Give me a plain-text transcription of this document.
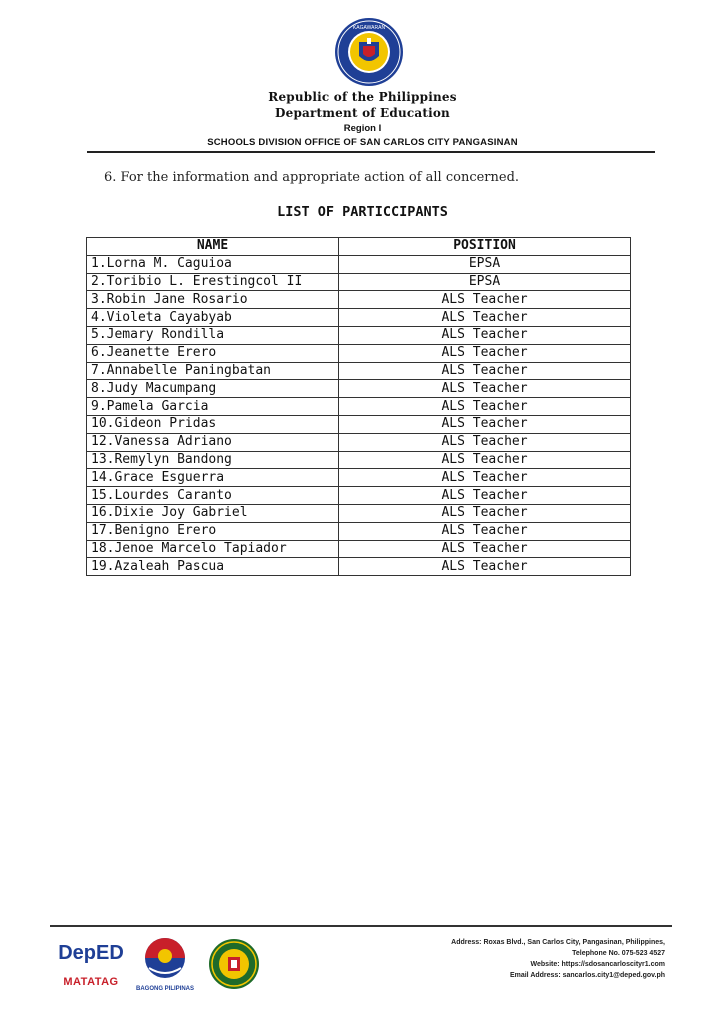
KAGAWARAN
Republic of the Philippines
Department of Education
Region I
SCHOOLS DIVISION OFFICE OF SAN CARLOS CITY PANGASINAN
6. For the information and appropriate action of all concerned.
LIST OF PARTICCIPANTS
NAME	POSITION
1.Lorna M. Caguioa	EPSA
2.Toribio L. Erestingcol II	EPSA
3.Robin Jane Rosario	ALS Teacher
4.Violeta Cayabyab	ALS Teacher
5.Jemary Rondilla	ALS Teacher
6.Jeanette Erero	ALS Teacher
7.Annabelle Paningbatan	ALS Teacher
8.Judy Macumpang	ALS Teacher
9.Pamela Garcia	ALS Teacher
10.Gideon Pridas	ALS Teacher
12.Vanessa Adriano	ALS Teacher
13.Remylyn Bandong	ALS Teacher
14.Grace Esguerra	ALS Teacher
15.Lourdes Caranto	ALS Teacher
16.Dixie Joy Gabriel	ALS Teacher
17.Benigno Erero	ALS Teacher
18.Jenoe Marcelo Tapiador	ALS Teacher
19.Azaleah Pascua	ALS Teacher
DepED
MATATAG
BAGONG PILIPINAS
Address: Roxas Blvd., San Carlos City, Pangasinan, Philippines,
Telephone No. 075-523 4527
Website: https://sdosancarloscityr1.com
Email Address: sancarlos.city1@deped.gov.ph
